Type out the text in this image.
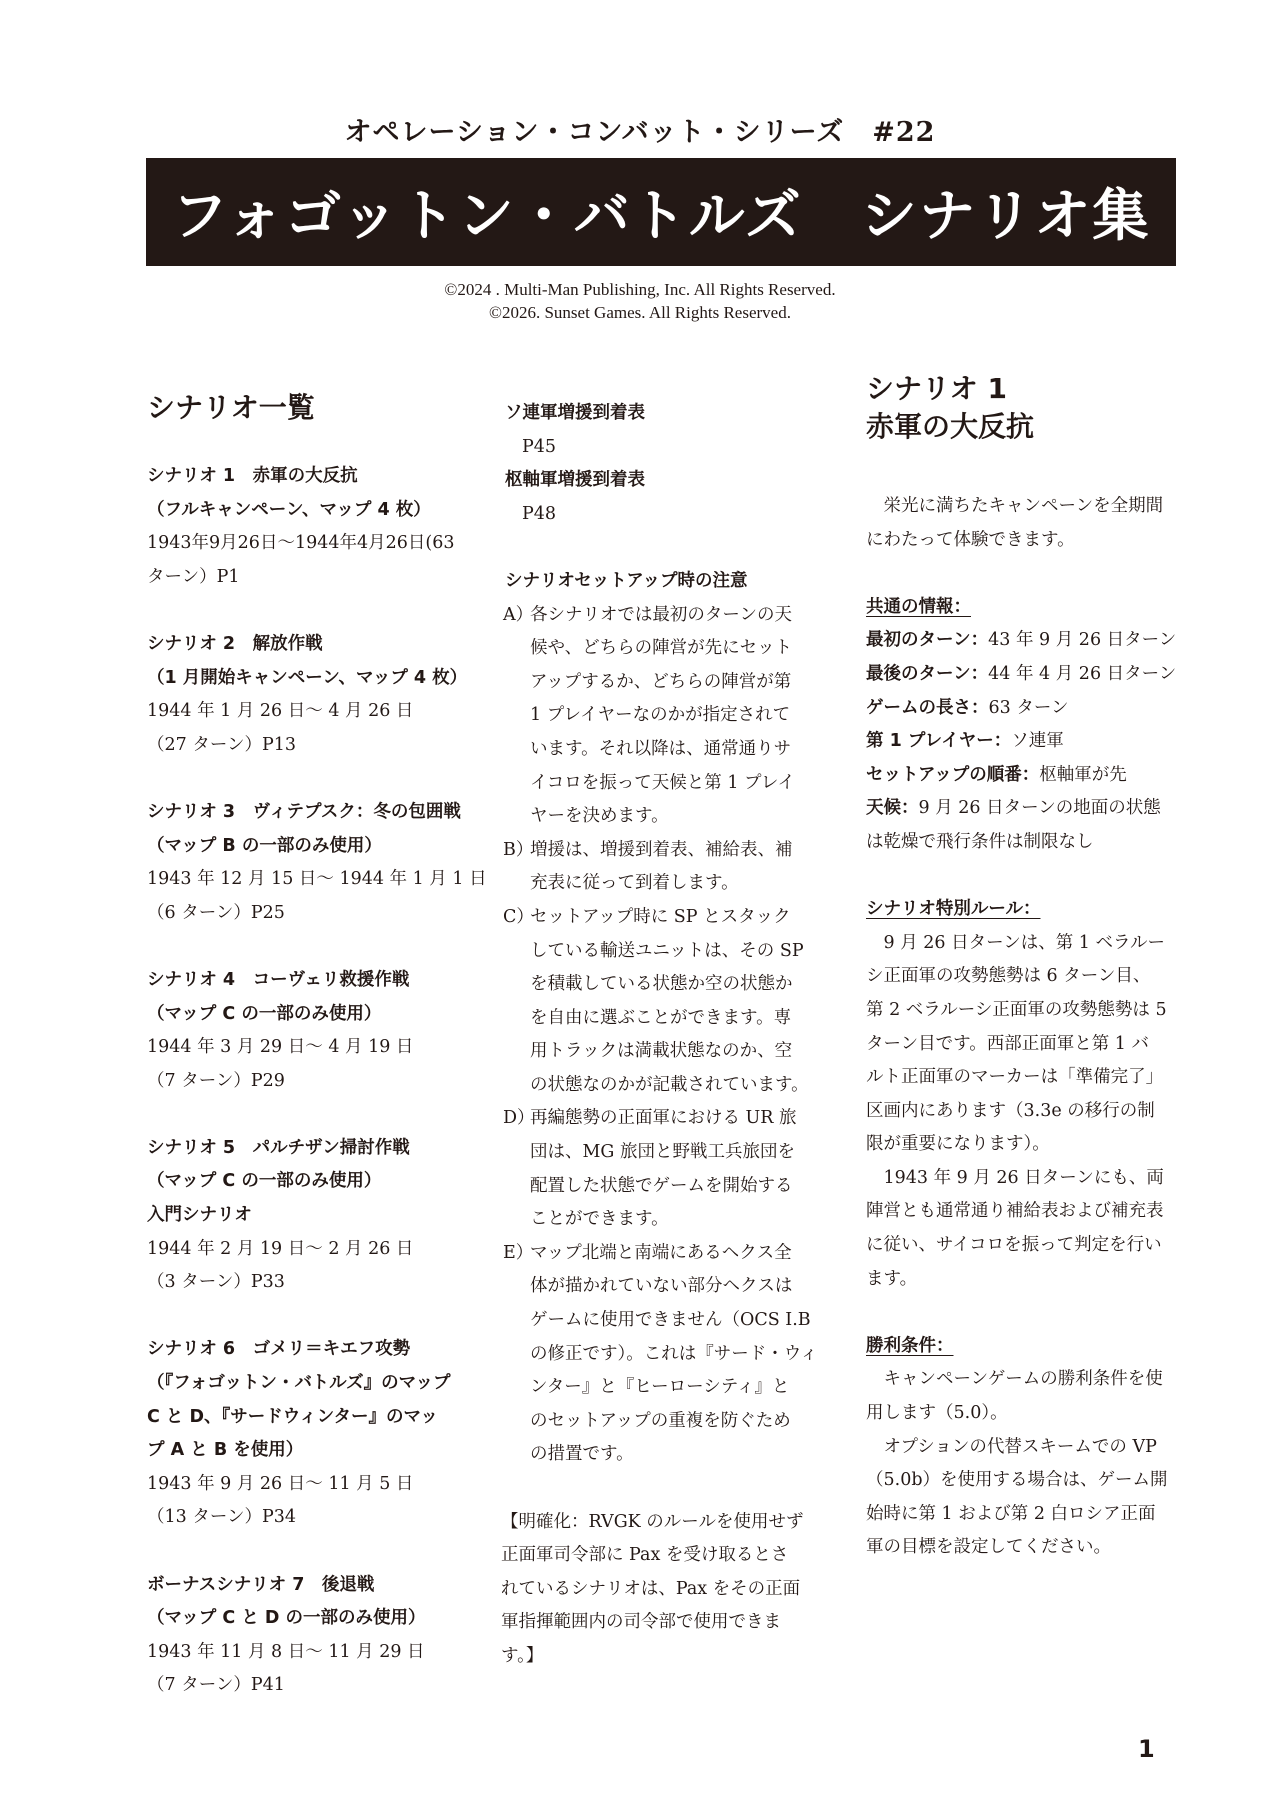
オペレーション・コンバット・シリーズ　#22
フォゴットン・バトルズ　シナリオ集
©2024 . Multi-Man Publishing, Inc. All Rights Reserved.
©2026. Sunset Games. All Rights Reserved.
シナリオ一覧
シナリオ 1　赤軍の大反抗
（フルキャンペーン、マップ 4 枚）
1943年9月26日～1944年4月26日(63
ターン）P1
シナリオ 2　解放作戦
（1 月開始キャンペーン、マップ 4 枚）
1944 年 1 月 26 日～ 4 月 26 日
（27 ターン）P13
シナリオ 3　ヴィテプスク：冬の包囲戦
（マップ B の一部のみ使用）
1943 年 12 月 15 日～ 1944 年 1 月 1 日
（6 ターン）P25
シナリオ 4　コーヴェリ救援作戦
（マップ C の一部のみ使用）
1944 年 3 月 29 日～ 4 月 19 日
（7 ターン）P29
シナリオ 5　パルチザン掃討作戦
（マップ C の一部のみ使用）
入門シナリオ
1944 年 2 月 19 日～ 2 月 26 日
（3 ターン）P33
シナリオ 6　ゴメリ＝キエフ攻勢
（『フォゴットン・バトルズ』のマップ
C と D、『サードウィンター』のマッ
プ A と B を使用）
1943 年 9 月 26 日～ 11 月 5 日
（13 ターン）P34
ボーナスシナリオ 7　後退戦
（マップ C と D の一部のみ使用）
1943 年 11 月 8 日～ 11 月 29 日
（7 ターン）P41
ソ連軍増援到着表
P45
枢軸軍増援到着表
P48
シナリオセットアップ時の注意
A）
各シナリオでは最初のターンの天
候や、どちらの陣営が先にセット
アップするか、どちらの陣営が第
1 プレイヤーなのかが指定されて
います。それ以降は、通常通りサ
イコロを振って天候と第 1 プレイ
ヤーを決めます。
B）
増援は、増援到着表、補給表、補
充表に従って到着します。
C）
セットアップ時に SP とスタック
している輸送ユニットは、その SP
を積載している状態か空の状態か
を自由に選ぶことができます。専
用トラックは満載状態なのか、空
の状態なのかが記載されています。
D）
再編態勢の正面軍における UR 旅
団は、MG 旅団と野戦工兵旅団を
配置した状態でゲームを開始する
ことができます。
E）
マップ北端と南端にあるヘクス全
体が描かれていない部分ヘクスは
ゲームに使用できません（OCS I.B
の修正です）。これは『サード・ウィ
ンター』と『ヒーローシティ』と
のセットアップの重複を防ぐため
の措置です。
【明確化：RVGK のルールを使用せず
正面軍司令部に Pax を受け取るとさ
れているシナリオは、Pax をその正面
軍指揮範囲内の司令部で使用できま
す。】
シナリオ 1
赤軍の大反抗
　栄光に満ちたキャンペーンを全期間
にわたって体験できます。
共通の情報：
最初のターン：43 年 9 月 26 日ターン
最後のターン：44 年 4 月 26 日ターン
ゲームの長さ：63 ターン
第 1 プレイヤー：ソ連軍
セットアップの順番：枢軸軍が先
天候：9 月 26 日ターンの地面の状態
は乾燥で飛行条件は制限なし
シナリオ特別ルール：
　9 月 26 日ターンは、第 1 ベラルー
シ正面軍の攻勢態勢は 6 ターン目、
第 2 ベラルーシ正面軍の攻勢態勢は 5
ターン目です。西部正面軍と第 1 バ
ルト正面軍のマーカーは「準備完了」
区画内にあります（3.3e の移行の制
限が重要になります）。
　1943 年 9 月 26 日ターンにも、両
陣営とも通常通り補給表および補充表
に従い、サイコロを振って判定を行い
ます。
勝利条件：
　キャンペーンゲームの勝利条件を使
用します（5.0）。
　オプションの代替スキームでの VP
（5.0b）を使用する場合は、ゲーム開
始時に第 1 および第 2 白ロシア正面
軍の目標を設定してください。
1
